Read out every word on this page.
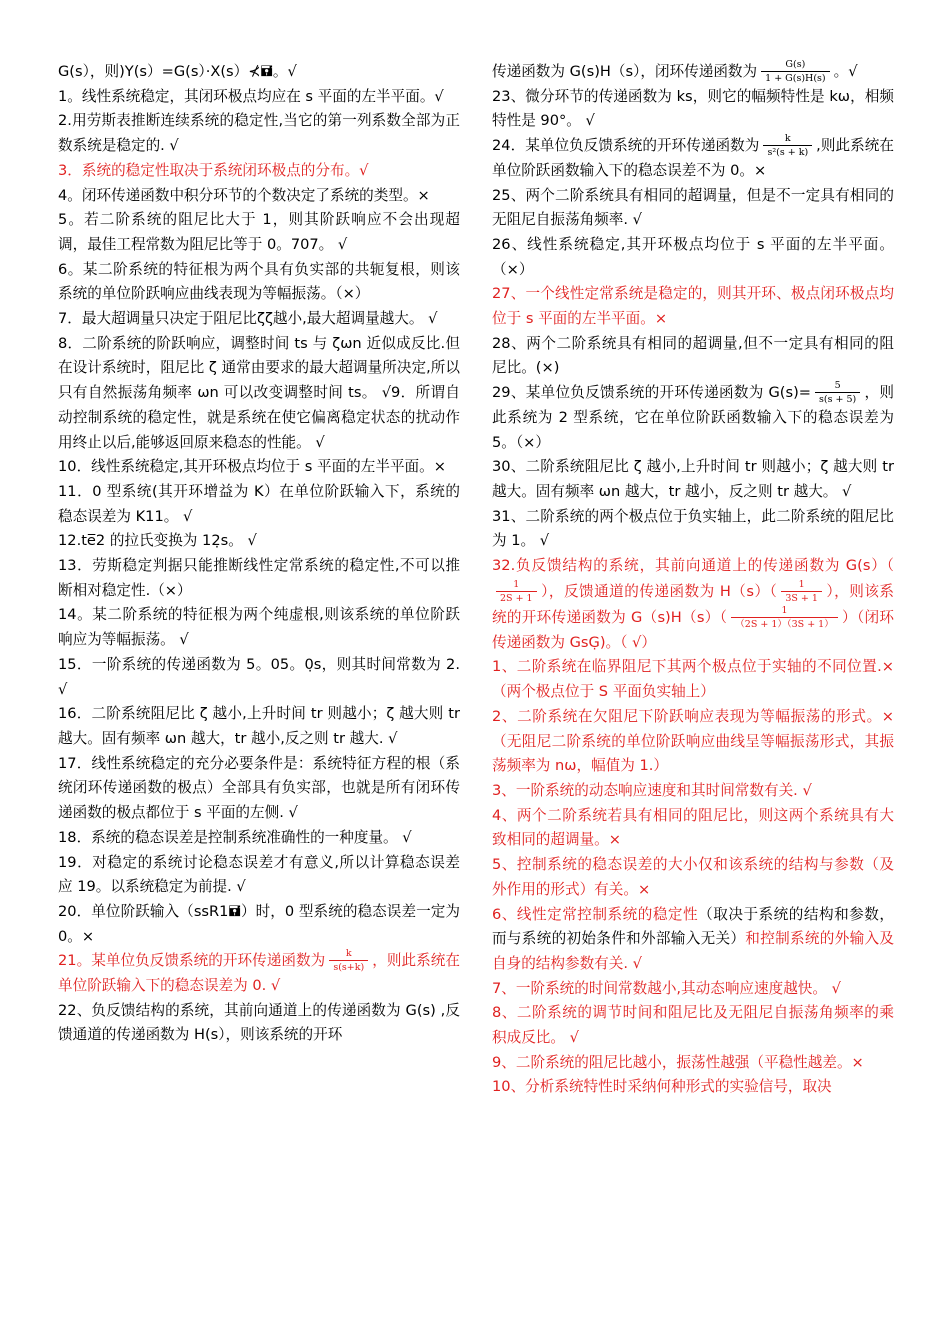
G(s），则)Y(s）=G(s）·X(s）⊀🖬。√
1。线性系统稳定，其闭环极点均应在 s 平面的左半平面。√
2.用劳斯表推断连续系统的稳定性,当它的第一列系数全部为正数系统是稳定的. √
3．系统的稳定性取决于系统闭环极点的分布。√
4。闭环传递函数中积分环节的个数决定了系统的类型。×
5。若二阶系统的阻尼比大于 1，则其阶跃响应不会出现超调，最佳工程常数为阻尼比等于 0。707。 √
6。某二阶系统的特征根为两个具有负实部的共轭复根，则该系统的单位阶跃响应曲线表现为等幅振荡。（×）
7．最大超调量只决定于阻尼比ζζ越小,最大超调量越大。 √
8．二阶系统的阶跃响应，调整时间 ts 与 ζωn 近似成反比.但在设计系统时，阻尼比 ζ 通常由要求的最大超调量所决定,所以只有自然振荡角频率 ωn 可以改变调整时间 ts。 √9．所谓自动控制系统的稳定性，就是系统在使它偏离稳定状态的扰动作用终止以后,能够返回原来稳态的性能。 √
10．线性系统稳定,其开环极点均位于 s 平面的左半平面。×
11．0 型系统(其开环增益为 K）在单位阶跃输入下，系统的稳态误差为 K11。 √
12.te̅2 的拉氏变换为 12̣s。 √
13．劳斯稳定判据只能推断线性定常系统的稳定性,不可以推断相对稳定性.（×）
14。某二阶系统的特征根为两个纯虚根,则该系统的单位阶跃响应为等幅振荡。 √
15．一阶系统的传递函数为 5。05。0̣s，则其时间常数为 2. √
16．二阶系统阻尼比 ζ 越小,上升时间 tr 则越小；ζ 越大则 tr 越大。固有频率 ωn 越大，tr 越小,反之则 tr 越大. √
17．线性系统稳定的充分必要条件是：系统特征方程的根（系统闭环传递函数的极点）全部具有负实部，也就是所有闭环传递函数的极点都位于 s 平面的左侧. √
18．系统的稳态误差是控制系统准确性的一种度量。 √
19．对稳定的系统讨论稳态误差才有意义,所以计算稳态误差应 19。以系统稳定为前提. √
20．单位阶跃输入（ssR1🖬）时，0 型系统的稳态误差一定为 0。×
21。某单位负反馈系统的开环传递函数为 $\frac{k}{s(s+k)}$ ，则此系统在单位阶跃输入下的稳态误差为 0. √
22、负反馈结构的系统，其前向通道上的传递函数为 G(s) ,反馈通道的传递函数为 H(s），则该系统的开环
传递函数为 G(s)H（s），闭环传递函数为 $\frac{G(s)}{1 + G(s)H(s)}$ 。√
23、微分环节的传递函数为 ks，则它的幅频特性是 kω，相频特性是 90°。 √
24．某单位负反馈系统的开环传递函数为 $\frac{k}{\text{s²(s + k)}}$ ,则此系统在单位阶跃函数输入下的稳态误差不为 0。×
25、两个二阶系统具有相同的超调量，但是不一定具有相同的无阻尼自振荡角频率. √
26、线性系统稳定,其开环极点均位于 s 平面的左半平面。（×）
27、一个线性定常系统是稳定的，则其开环、极点闭环极点均位于 s 平面的左半平面。×
28、两个二阶系统具有相同的超调量,但不一定具有相同的阻尼比。(×)
29、某单位负反馈系统的开环传递函数为 $G(s)= \frac{5}{s(s + 5)}$ ，则此系统为 2 型系统，它在单位阶跃函数输入下的稳态误差为 5。（×）
30、二阶系统阻尼比 ζ 越小,上升时间 tr 则越小；ζ 越大则 tr 越大。固有频率 ωn 越大，tr 越小，反之则 tr 越大。 √
31、二阶系统的两个极点位于负实轴上，此二阶系统的阻尼比为 1。 √
32.负反馈结构的系统，其前向通道上的传递函数为 G(s）（
$\frac{1}{2S + 1}$ ），反馈通道的传递函数为 $H(s)( \frac{1}{3S + 1}$ ），则该系统的开环传递函数为 $G(s)H(s)( \frac{1}{(2S + 1)(3S + 1)}$ ）（闭环传递函数为 GsG̣)。（ √）
1、二阶系统在临界阻尼下其两个极点位于实轴的不同位置.×（两个极点位于 S 平面负实轴上）
2、二阶系统在欠阻尼下阶跃响应表现为等幅振荡的形式。×（无阻尼二阶系统的单位阶跃响应曲线呈等幅振荡形式，其振荡频率为 nω，幅值为 1.）
3、一阶系统的动态响应速度和其时间常数有关. √
4、两个二阶系统若具有相同的阻尼比，则这两个系统具有大致相同的超调量。×
5、控制系统的稳态误差的大小仅和该系统的结构与参数（及外作用的形式）有关。×
6、线性定常控制系统的稳定性（取决于系统的结构和参数，而与系统的初始条件和外部输入无关）和控制系统的外输入及自身的结构参数有关. √
7、一阶系统的时间常数越小,其动态响应速度越快。 √
8、二阶系统的调节时间和阻尼比及无阻尼自振荡角频率的乘积成反比。 √
9、二阶系统的阻尼比越小，振荡性越强（平稳性越差。×
10、分析系统特性时采纳何种形式的实验信号，取决
